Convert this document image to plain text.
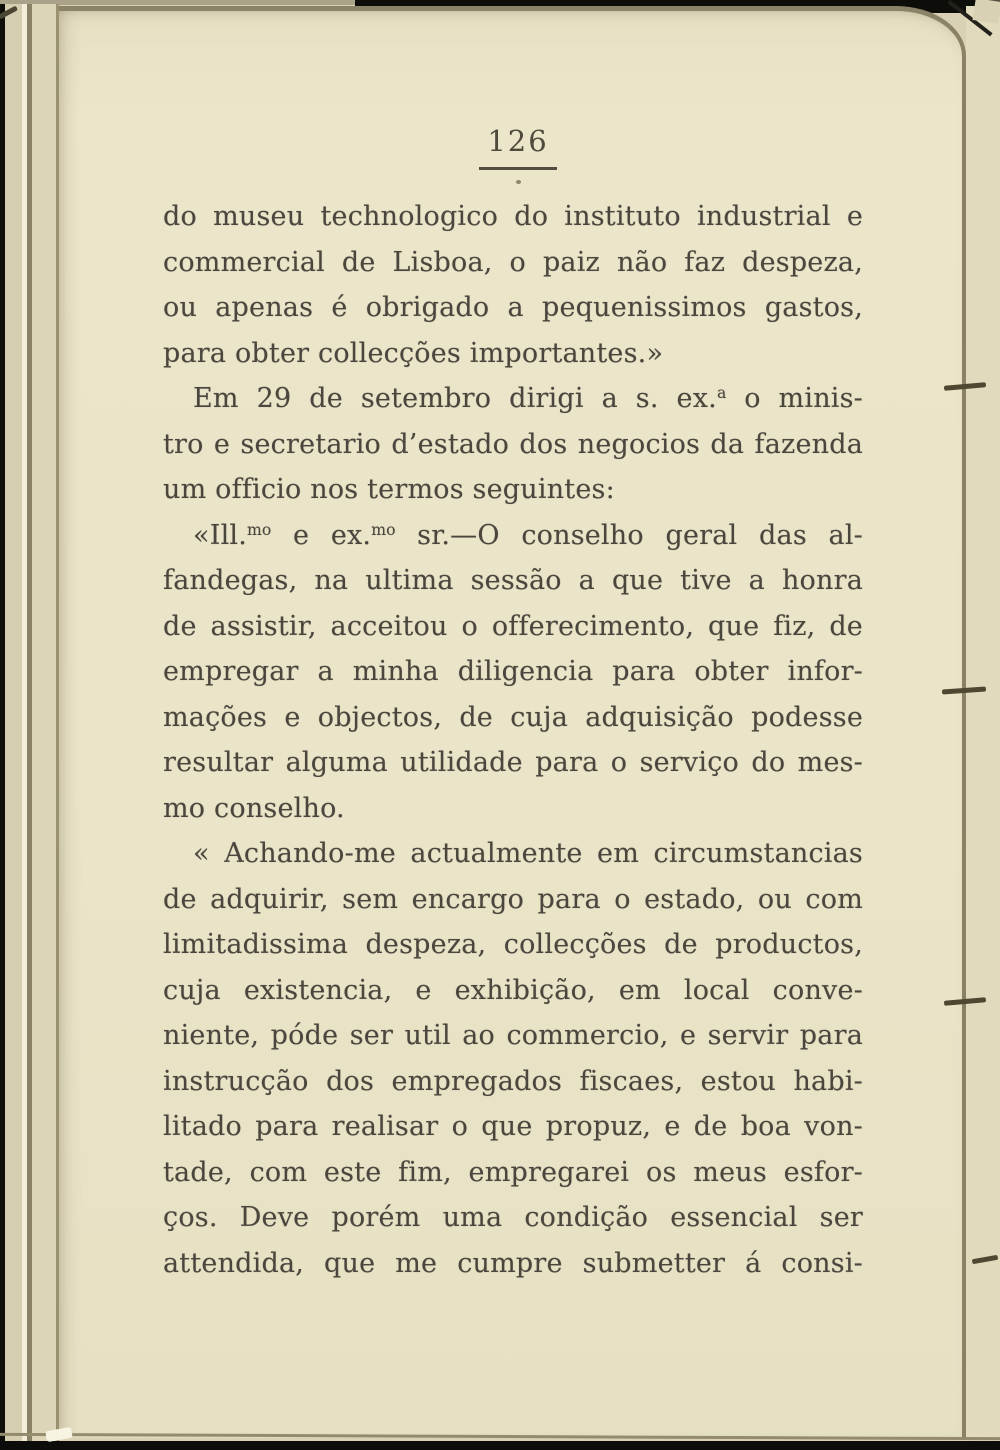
126
do museu technologico do instituto industrial e
commercial de Lisboa, o paiz não faz despeza,
ou apenas é obrigado a pequenissimos gastos,
para obter collecções importantes.»
Em 29 de setembro dirigi a s. ex.$^a$ o minis-
tro e secretario d’estado dos negocios da fazenda
um officio nos termos seguintes:
«Ill.$^{mo}$ e ex.$^{mo}$ sr.—O conselho geral das al-
fandegas, na ultima sessão a que tive a honra
de assistir, acceitou o offerecimento, que fiz, de
empregar a minha diligencia para obter infor-
mações e objectos, de cuja adquisição podesse
resultar alguma utilidade para o serviço do mes-
mo conselho.
« Achando-me actualmente em circumstancias
de adquirir, sem encargo para o estado, ou com
limitadissima despeza, collecções de productos,
cuja existencia, e exhibição, em local conve-
niente, póde ser util ao commercio, e servir para
instrucção dos empregados fiscaes, estou habi-
litado para realisar o que propuz, e de boa von-
tade, com este fim, empregarei os meus esfor-
ços. Deve porém uma condição essencial ser
attendida, que me cumpre submetter á consi-
